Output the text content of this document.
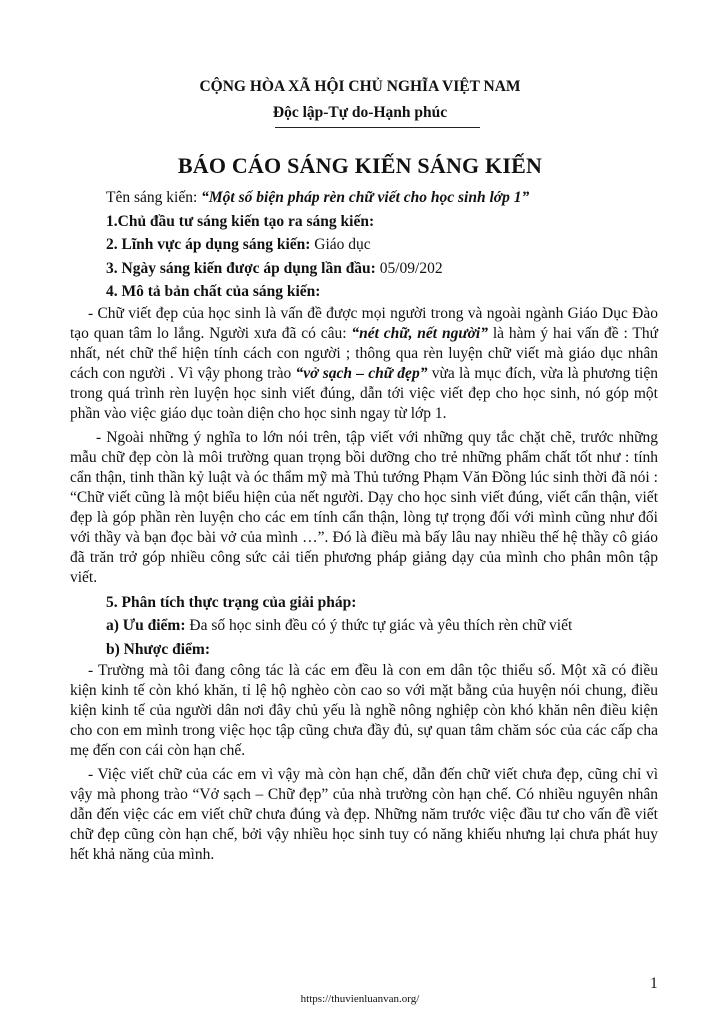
CỘNG HÒA XÃ HỘI CHỦ NGHĨA VIỆT NAM
Độc lập-Tự do-Hạnh phúc
BÁO CÁO SÁNG KIẾN SÁNG KIẾN
Tên sáng kiến: “Một số biện pháp rèn chữ viết cho học sinh lớp 1”
1.Chủ đầu tư sáng kiến tạo ra sáng kiến:
2. Lĩnh vực áp dụng sáng kiến: Giáo dục
3. Ngày sáng kiến được áp dụng lần đầu: 05/09/202
4. Mô tả bản chất của sáng kiến:
- Chữ viết đẹp của học sinh là vấn đề được mọi người trong và ngoài ngành Giáo Dục Đào tạo quan tâm lo lắng. Người xưa đã có câu: “nét chữ, nết người” là hàm ý hai vấn đề : Thứ nhất, nét chữ thể hiện tính cách con người ; thông qua rèn luyện chữ viết mà giáo dục nhân cách con người . Vì vậy phong trào “vở sạch – chữ đẹp” vừa là mục đích, vừa là phương tiện trong quá trình rèn luyện học sinh viết đúng, dẫn tới việc viết đẹp cho học sinh, nó góp một phần vào việc giáo dục toàn diện cho học sinh ngay từ lớp 1.
- Ngoài những ý nghĩa to lớn nói trên, tập viết với những quy tắc chặt chẽ, trước những mẫu chữ đẹp còn là môi trường quan trọng bồi dưỡng cho trẻ những phẩm chất tốt như : tính cẩn thận, tinh thần kỷ luật và óc thẩm mỹ mà Thủ tướng Phạm Văn Đồng lúc sinh thời đã nói : “Chữ viết cũng là một biểu hiện của nết người. Dạy cho học sinh viết đúng, viết cẩn thận, viết đẹp là góp phần rèn luyện cho các em tính cẩn thận, lòng tự trọng đối với mình cũng như đối với thầy và bạn đọc bài vở của mình …”. Đó là điều mà bấy lâu nay nhiều thế hệ thầy cô giáo đã trăn trở góp nhiều công sức cải tiến phương pháp giảng dạy của mình cho phân môn tập viết.
5. Phân tích thực trạng của giải pháp:
a) Ưu điểm: Đa số học sinh đều có ý thức tự giác và yêu thích rèn chữ viết
b) Nhược điểm:
- Trường mà tôi đang công tác là các em đều là con em dân tộc thiểu số. Một xã có điều kiện kinh tế còn khó khăn, tỉ lệ hộ nghèo còn cao so với mặt bằng của huyện nói chung, điều kiện kinh tế của người dân nơi đây chủ yếu là nghề nông nghiệp còn khó khăn nên điều kiện cho con em mình trong việc học tập cũng chưa đầy đủ, sự quan tâm chăm sóc của các cấp cha mẹ đến con cái còn hạn chế.
- Việc viết chữ của các em vì vậy mà còn hạn chế, dẫn đến chữ viết chưa đẹp, cũng chỉ vì vậy mà phong trào “Vở sạch – Chữ đẹp” của nhà trường còn hạn chế. Có nhiều nguyên nhân dẫn đến việc các em viết chữ chưa đúng và đẹp. Những năm trước việc đầu tư cho vấn đề viết chữ đẹp cũng còn hạn chế, bởi vậy nhiều học sinh tuy có năng khiếu nhưng lại chưa phát huy hết khả năng của mình.
1
https://thuvienluanvan.org/
